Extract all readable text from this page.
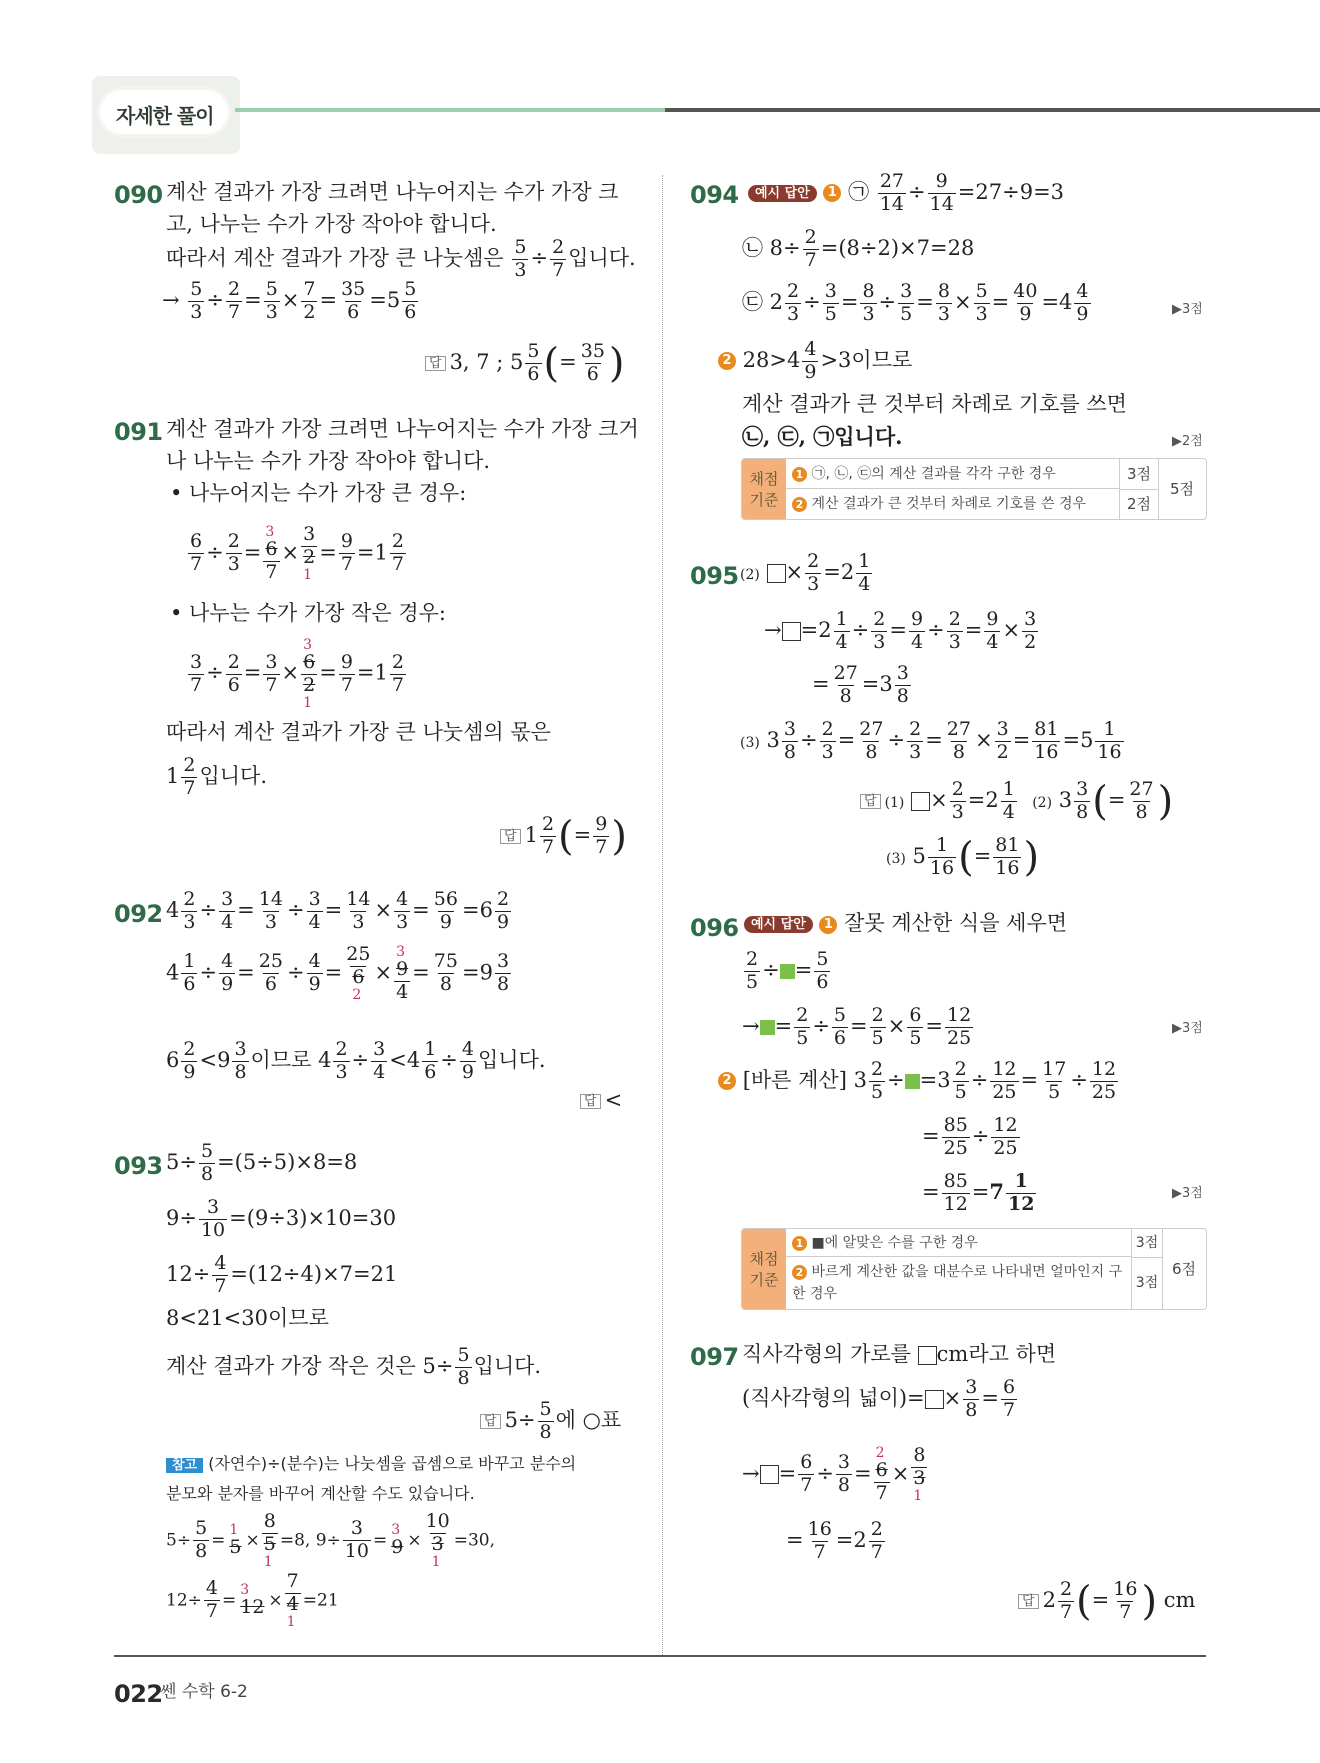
자세한 풀이
090 계산 결과가 가장 크려면 나누어지는 수가 가장 크
고, 나누는 수가 가장 작아야 합니다.
따라서 계산 결과가 가장 큰 나눗셈은 $\frac{5}{3} \div \frac{2}{7}$ 입니다.
→ $\frac{5}{3} \div \frac{2}{7} = \frac{5}{3} \times \frac{7}{2} = \frac{35}{6} =5 \frac{5}{6}$
답 3, 7 ; $5 \frac{5}{6}$ (= $\frac{35}{6}$ )
091 계산 결과가 가장 크려면 나누어지는 수가 가장 크거
나 나누는 수가 가장 작아야 합니다.
• 나누어지는 수가 가장 큰 경우:
$\frac{6}{7} \div \frac{2}{3} = 3$
6
7 × 3
2
$1 = \frac{9}{7} =1 \frac{2}{7}$
• 나누는 수가 가장 작은 경우:
$\frac{3}{7} \div \frac{2}{6} = \frac{3}{7} \times 3$
6
2
$1 = \frac{9}{7} =1 \frac{2}{7}$
따라서 계산 결과가 가장 큰 나눗셈의 몫은
$1 \frac{2}{7}$ 입니다.
답 $1 \frac{2}{7}$ (= $\frac{9}{7}$ )
092 $4 \frac{2}{3} \div \frac{3}{4} = \frac{14}{3} \div \frac{3}{4} = \frac{14}{3} \times \frac{4}{3} = \frac{56}{9} =6 \frac{2}{9}$
$4 \frac{1}{6} \div \frac{4}{9} = \frac{25}{6} \div \frac{4}{9} = 25$
6
2 × 3
9
$4 = \frac{75}{8} =9 \frac{3}{8}$
$6 \frac{2}{9} <9 \frac{3}{8}$ 이므로 $4 \frac{2}{3} \div \frac{3}{4} <4 \frac{1}{6} \div \frac{4}{9}$ 입니다.
답 <
093 $5\div \frac{5}{8} =(5\div 5)\times 8=8$
$9\div \frac{3}{10} =(9\div 3)\times 10=30$
$12\div \frac{4}{7} =(12\div 4)\times 7=21$
8<21<30이므로
계산 결과가 가장 작은 것은 $5\div \frac{5}{8}$ 입니다.
답 $5\div \frac{5}{8}$ 에 ○표
참고 (자연수)÷(분수)는 나눗셈을 곱셈으로 바꾸고 분수의
분모와 분자를 바꾸어 계산할 수도 있습니다.
$5\div \frac{5}{8}$ =
1
5 × 8
5
1 =8, $9\div \frac{3}{10}$ =
3
9 × 10
3
1 =30,
$12\div \frac{4}{7}$ =
3
12 × 7
4
1 =21
094	예시 답안 1 ㉠ $\frac{27}{14} \div \frac{9}{14} =27\div 9=3$
㉡ $8\div \frac{2}{7} =(8\div 2)\times 7=28$
㉢ $2 \frac{2}{3} \div \frac{3}{5} = \frac{8}{3} \div \frac{3}{5} = \frac{8}{3} \times \frac{5}{3} = \frac{40}{9} =4 \frac{4}{9}$	▶3점
2 $28>4 \frac{4}{9} >3$이므로
계산 결과가 큰 것부터 차례로 기호를 쓰면
㉡, ㉢, ㉠입니다.	▶2점
채점 기준
1 ㉠, ㉡, ㉢의 계산 결과를 각각 구한 경우	3점
2 계산 결과가 큰 것부터 차례로 기호를 쓴 경우	2점
5점
095 $(2) \times \frac{2}{3} =2 \frac{1}{4}$
→ $=2 \frac{1}{4} \div \frac{2}{3} = \frac{9}{4} \div \frac{2}{3} = \frac{9}{4} \times \frac{3}{2}$
= $\frac{27}{8} =3 \frac{3}{8}$
(3) $3 \frac{3}{8} \div \frac{2}{3} = \frac{27}{8} \div \frac{2}{3} = \frac{27}{8} \times \frac{3}{2} = \frac{81}{16} =5 \frac{1}{16}$
답 $(1) \times \frac{2}{3} =2 \frac{1}{4} (2)$ $3 \frac{3}{8}$ (= $\frac{27}{8}$ )
(3) $5 \frac{1}{16}$ (= $\frac{81}{16}$ )
096 예시 답안 1 잘못 계산한 식을 세우면
$\frac{2}{5}$ ÷ = $\frac{5}{6}$
→ = $\frac{2}{5} \div \frac{5}{6} = \frac{2}{5} \times \frac{6}{5} = \frac{12}{25}$	▶3점
2 [바른 계산] $3 \frac{2}{5} \div =3 \frac{2}{5} \div \frac{12}{25} = \frac{17}{5} \div \frac{12}{25}$
= $\frac{85}{25} \div \frac{12}{25}$
= $\frac{85}{12} =7 \frac{1}{12}$	▶3점
채점 기준
1 ■에 알맞은 수를 구한 경우	3점
2 바르게 계산한 값을 대분수로 나타내면 얼마인지 구한 경우
3점
6점
097 직사각형의 가로를 cm라고 하면
(직사각형의 넓이)= × $\frac{3}{8} = \frac{6}{7}$
→ = $\frac{6}{7} \div \frac{3}{8} = 2$
6
7 × 8
3
1
= $\frac{16}{7} =2 \frac{2}{7}$
답 $2 \frac{2}{7}$ (= $\frac{16}{7}$ ) cm
022
쎈 수학 6-2
